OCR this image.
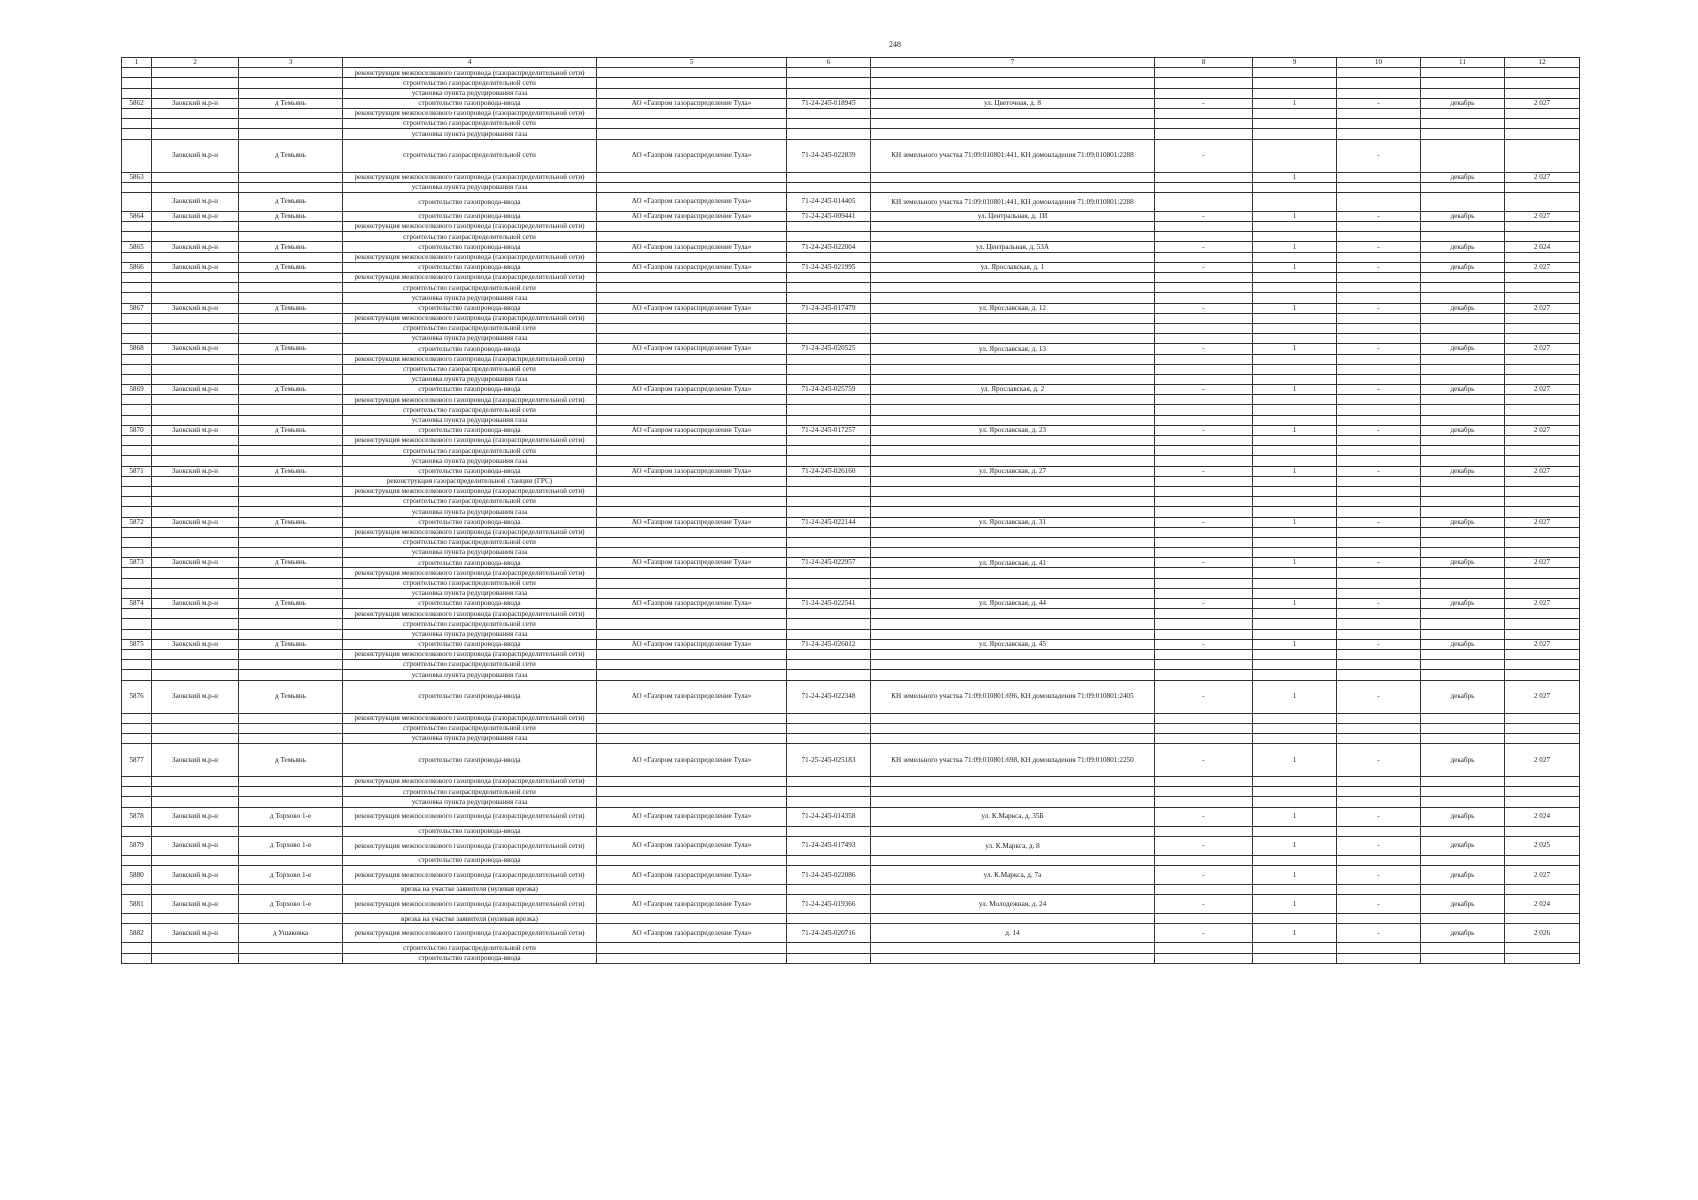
248
1	2	3	4	5	6	7	8	9	10	11	12
			реконструкция межпоселкового газопровода (газораспределительной сети)								
			строительство газораспределительной сети								
			установка пункта редуцирования газа								
5862	Заокский м.р-н	д Темьянь	строительство газопровода-ввода	АО «Газпром газораспределение Тула»	71-24-245-018945	ул. Цветочная, д. 8	-	1	-	декабрь	2 027
			реконструкция межпоселкового газопровода (газораспределительной сети)								
			строительство газораспределительной сети								
			установка пункта редуцирования газа								
	Заокский м.р-н	д Темьянь	строительство газораспределительной сети	АО «Газпром газораспределение Тула»	71-24-245-022839	КН земельного участка 71:09:010801:441, КН домовладения 71:09:010801:2288	-		-		
5863			реконструкция межпоселкового газопровода (газораспределительной сети)					1		декабрь	2 027
			установка пункта редуцирования газа								
	Заокский м.р-н	д Темьянь	строительство газопровода-ввода	АО «Газпром газораспределение Тула»	71-24-245-014405	КН земельного участка 71:09:010801:441, КН домовладения 71:09:010801:2288					
5864	Заокский м.р-н	д Темьянь	строительство газопровода-ввода	АО «Газпром газораспределение Тула»	71-24-245-009441	ул. Центральная, д. 1И	-	1	-	декабрь	2 027
			реконструкция межпоселкового газопровода (газораспределительной сети)								
			строительство газораспределительной сети								
5865	Заокский м.р-н	д Темьянь	строительство газопровода-ввода	АО «Газпром газораспределение Тула»	71-24-245-022004	ул. Центральная, д. 53А	-	1	-	декабрь	2 024
			реконструкция межпоселкового газопровода (газораспределительной сети)								
5866	Заокский м.р-н	д Темьянь	строительство газопровода-ввода	АО «Газпром газораспределение Тула»	71-24-245-021995	ул. Ярославская, д. 1	-	1	-	декабрь	2 027
			реконструкция межпоселкового газопровода (газораспределительной сети)								
			строительство газораспределительной сети								
			установка пункта редуцирования газа								
5867	Заокский м.р-н	д Темьянь	строительство газопровода-ввода	АО «Газпром газораспределение Тула»	71-24-245-017479	ул. Ярославская, д. 12	-	1	-	декабрь	2 027
			реконструкция межпоселкового газопровода (газораспределительной сети)								
			строительство газораспределительной сети								
			установка пункта редуцирования газа								
5868	Заокский м.р-н	д Темьянь	строительство газопровода-ввода	АО «Газпром газораспределение Тула»	71-24-245-020525	ул. Ярославская, д. 13	-	1	-	декабрь	2 027
			реконструкция межпоселкового газопровода (газораспределительной сети)								
			строительство газораспределительной сети								
			установка пункта редуцирования газа								
5869	Заокский м.р-н	д Темьянь	строительство газопровода-ввода	АО «Газпром газораспределение Тула»	71-24-245-025759	ул. Ярославская, д. 2	-	1	-	декабрь	2 027
			реконструкция межпоселкового газопровода (газораспределительной сети)								
			строительство газораспределительной сети								
			установка пункта редуцирования газа								
5870	Заокский м.р-н	д Темьянь	строительство газопровода-ввода	АО «Газпром газораспределение Тула»	71-24-245-017257	ул. Ярославская, д. 23	-	1	-	декабрь	2 027
			реконструкция межпоселкового газопровода (газораспределительной сети)								
			строительство газораспределительной сети								
			установка пункта редуцирования газа								
5871	Заокский м.р-н	д Темьянь	строительство газопровода-ввода	АО «Газпром газораспределение Тула»	71-24-245-026160	ул. Ярославская, д. 27	-	1	-	декабрь	2 027
			реконструкция газораспределительной станции (ГРС)								
			реконструкция межпоселкового газопровода (газораспределительной сети)								
			строительство газораспределительной сети								
			установка пункта редуцирования газа								
5872	Заокский м.р-н	д Темьянь	строительство газопровода-ввода	АО «Газпром газораспределение Тула»	71-24-245-022144	ул. Ярославская, д. 31	-	1	-	декабрь	2 027
			реконструкция межпоселкового газопровода (газораспределительной сети)								
			строительство газораспределительной сети								
			установка пункта редуцирования газа								
5873	Заокский м.р-н	д Темьянь	строительство газопровода-ввода	АО «Газпром газораспределение Тула»	71-24-245-022957	ул. Ярославская, д. 41	-	1	-	декабрь	2 027
			реконструкция межпоселкового газопровода (газораспределительной сети)								
			строительство газораспределительной сети								
			установка пункта редуцирования газа								
5874	Заокский м.р-н	д Темьянь	строительство газопровода-ввода	АО «Газпром газораспределение Тула»	71-24-245-022541	ул. Ярославская, д. 44	-	1	-	декабрь	2 027
			реконструкция межпоселкового газопровода (газораспределительной сети)								
			строительство газораспределительной сети								
			установка пункта редуцирования газа								
5875	Заокский м.р-н	д Темьянь	строительство газопровода-ввода	АО «Газпром газораспределение Тула»	71-24-245-026012	ул. Ярославская, д. 45	-	1	-	декабрь	2 027
			реконструкция межпоселкового газопровода (газораспределительной сети)								
			строительство газораспределительной сети								
			установка пункта редуцирования газа								
5876	Заокский м.р-н	д Темьянь	строительство газопровода-ввода	АО «Газпром газораспределение Тула»	71-24-245-022348	КН земельного участка 71:09:010801:696, КН домовладения 71:09:010801:2405	-	1	-	декабрь	2 027
			реконструкция межпоселкового газопровода (газораспределительной сети)								
			строительство газораспределительной сети								
			установка пункта редуцирования газа								
5877	Заокский м.р-н	д Темьянь	строительство газопровода-ввода	АО «Газпром газораспределение Тула»	71-25-245-025183	КН земельного участка 71:09:010801:698, КН домовладения 71:09:010801:2250	-	1	-	декабрь	2 027
			реконструкция межпоселкового газопровода (газораспределительной сети)								
			строительство газораспределительной сети								
			установка пункта редуцирования газа								
5878	Заокский м.р-н	д Торхово 1-е	реконструкция межпоселкового газопровода (газораспределительной сети)	АО «Газпром газораспределение Тула»	71-24-245-014358	ул. К.Маркса, д. 35Б	-	1	-	декабрь	2 024
			строительство газопровода-ввода								
5879	Заокский м.р-н	д Торхово 1-е	реконструкция межпоселкового газопровода (газораспределительной сети)	АО «Газпром газораспределение Тула»	71-24-245-017493	ул. К.Маркса, д. 8	-	1	-	декабрь	2 025
			строительство газопровода-ввода								
5880	Заокский м.р-н	д Торхово 1-е	реконструкция межпоселкового газопровода (газораспределительной сети)	АО «Газпром газораспределение Тула»	71-24-245-022086	ул. К.Маркса, д. 7а	-	1	-	декабрь	2 027
			врезка на участке заявителя (нулевая врезка)								
5881	Заокский м.р-н	д Торхово 1-е	реконструкция межпоселкового газопровода (газораспределительной сети)	АО «Газпром газораспределение Тула»	71-24-245-019366	ул. Молодежная, д. 24	-	1	-	декабрь	2 024
			врезка на участке заявителя (нулевая врезка)								
5882	Заокский м.р-н	д Ушаковка	реконструкция межпоселкового газопровода (газораспределительной сети)	АО «Газпром газораспределение Тула»	71-24-245-020716	д. 14	-	1	-	декабрь	2 026
			строительство газораспределительной сети								
			строительство газопровода-ввода								
